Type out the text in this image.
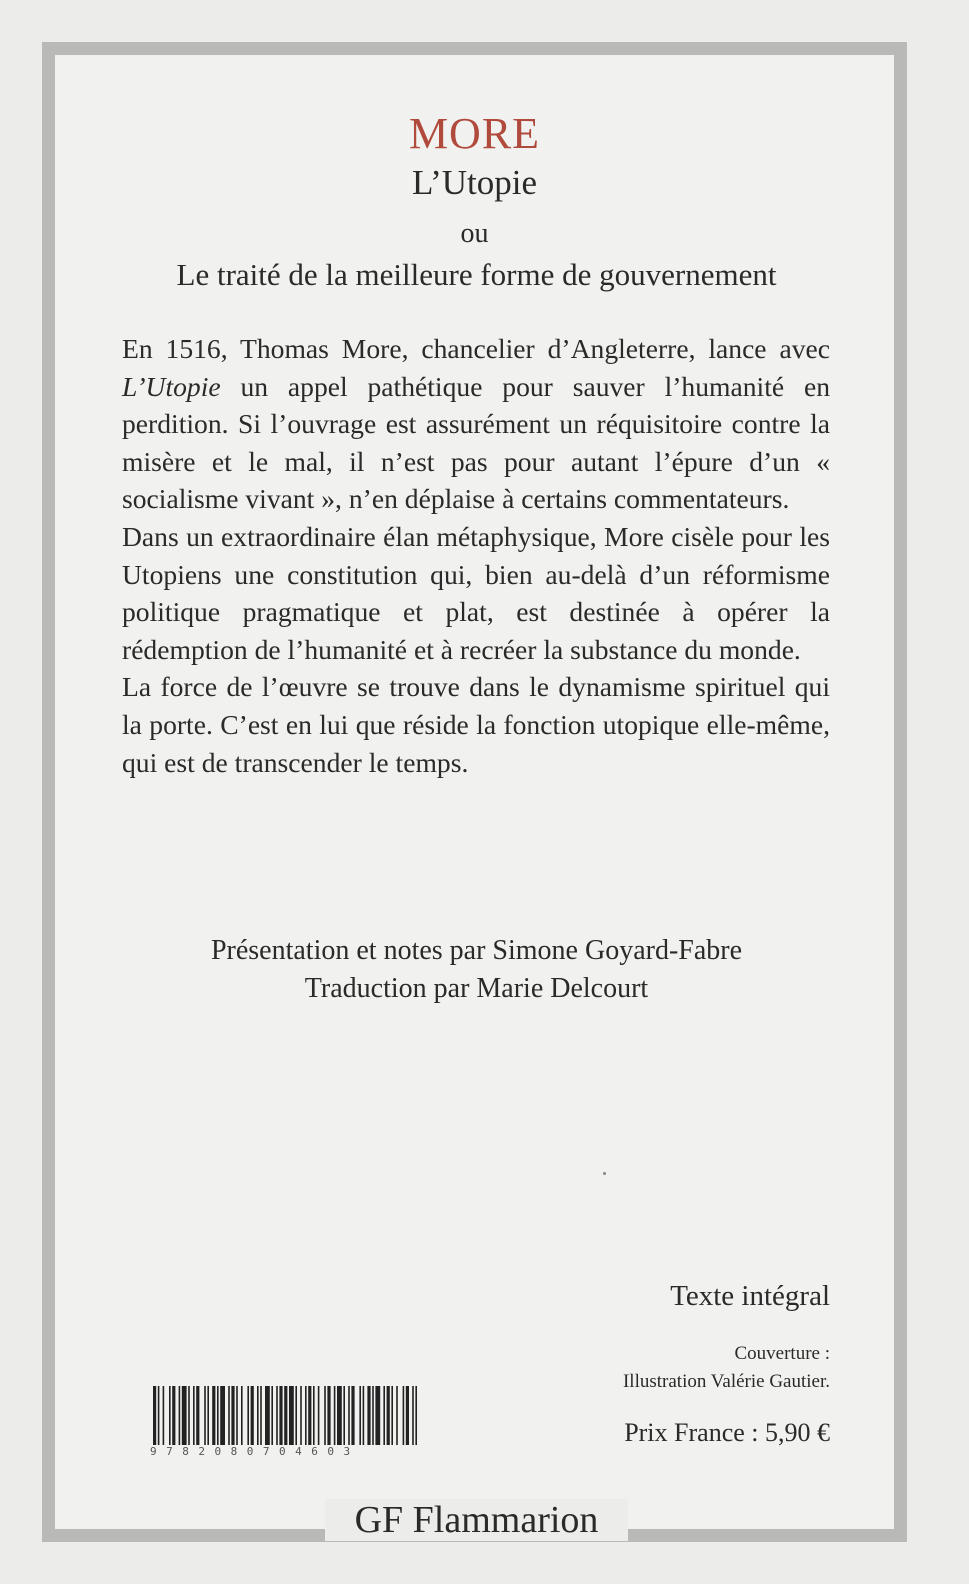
MORE
L’Utopie
ou
Le traité de la meilleure forme de gouvernement

En 1516, Thomas More, chancelier d’Angleterre, lance avec L’Utopie un appel pathétique pour sauver l’humanité en perdition. Si l’ouvrage est assurément un réquisitoire contre la misère et le mal, il n’est pas pour autant l’épure d’un « socialisme vivant », n’en déplaise à certains commentateurs.

Dans un extraordinaire élan métaphysique, More cisèle pour les Utopiens une constitution qui, bien au-delà d’un réformisme politique pragmatique et plat, est destinée à opérer la rédemption de l’humanité et à recréer la substance du monde.

La force de l’œuvre se trouve dans le dynamisme spirituel qui la porte. C’est en lui que réside la fonction utopique elle-même, qui est de transcender le temps.

Présentation et notes par Simone Goyard-Fabre
Traduction par Marie Delcourt
Texte intégral
Couverture :
Illustration Valérie Gautier.
Prix France : 5,90 €
9782080704603
GF Flammarion
